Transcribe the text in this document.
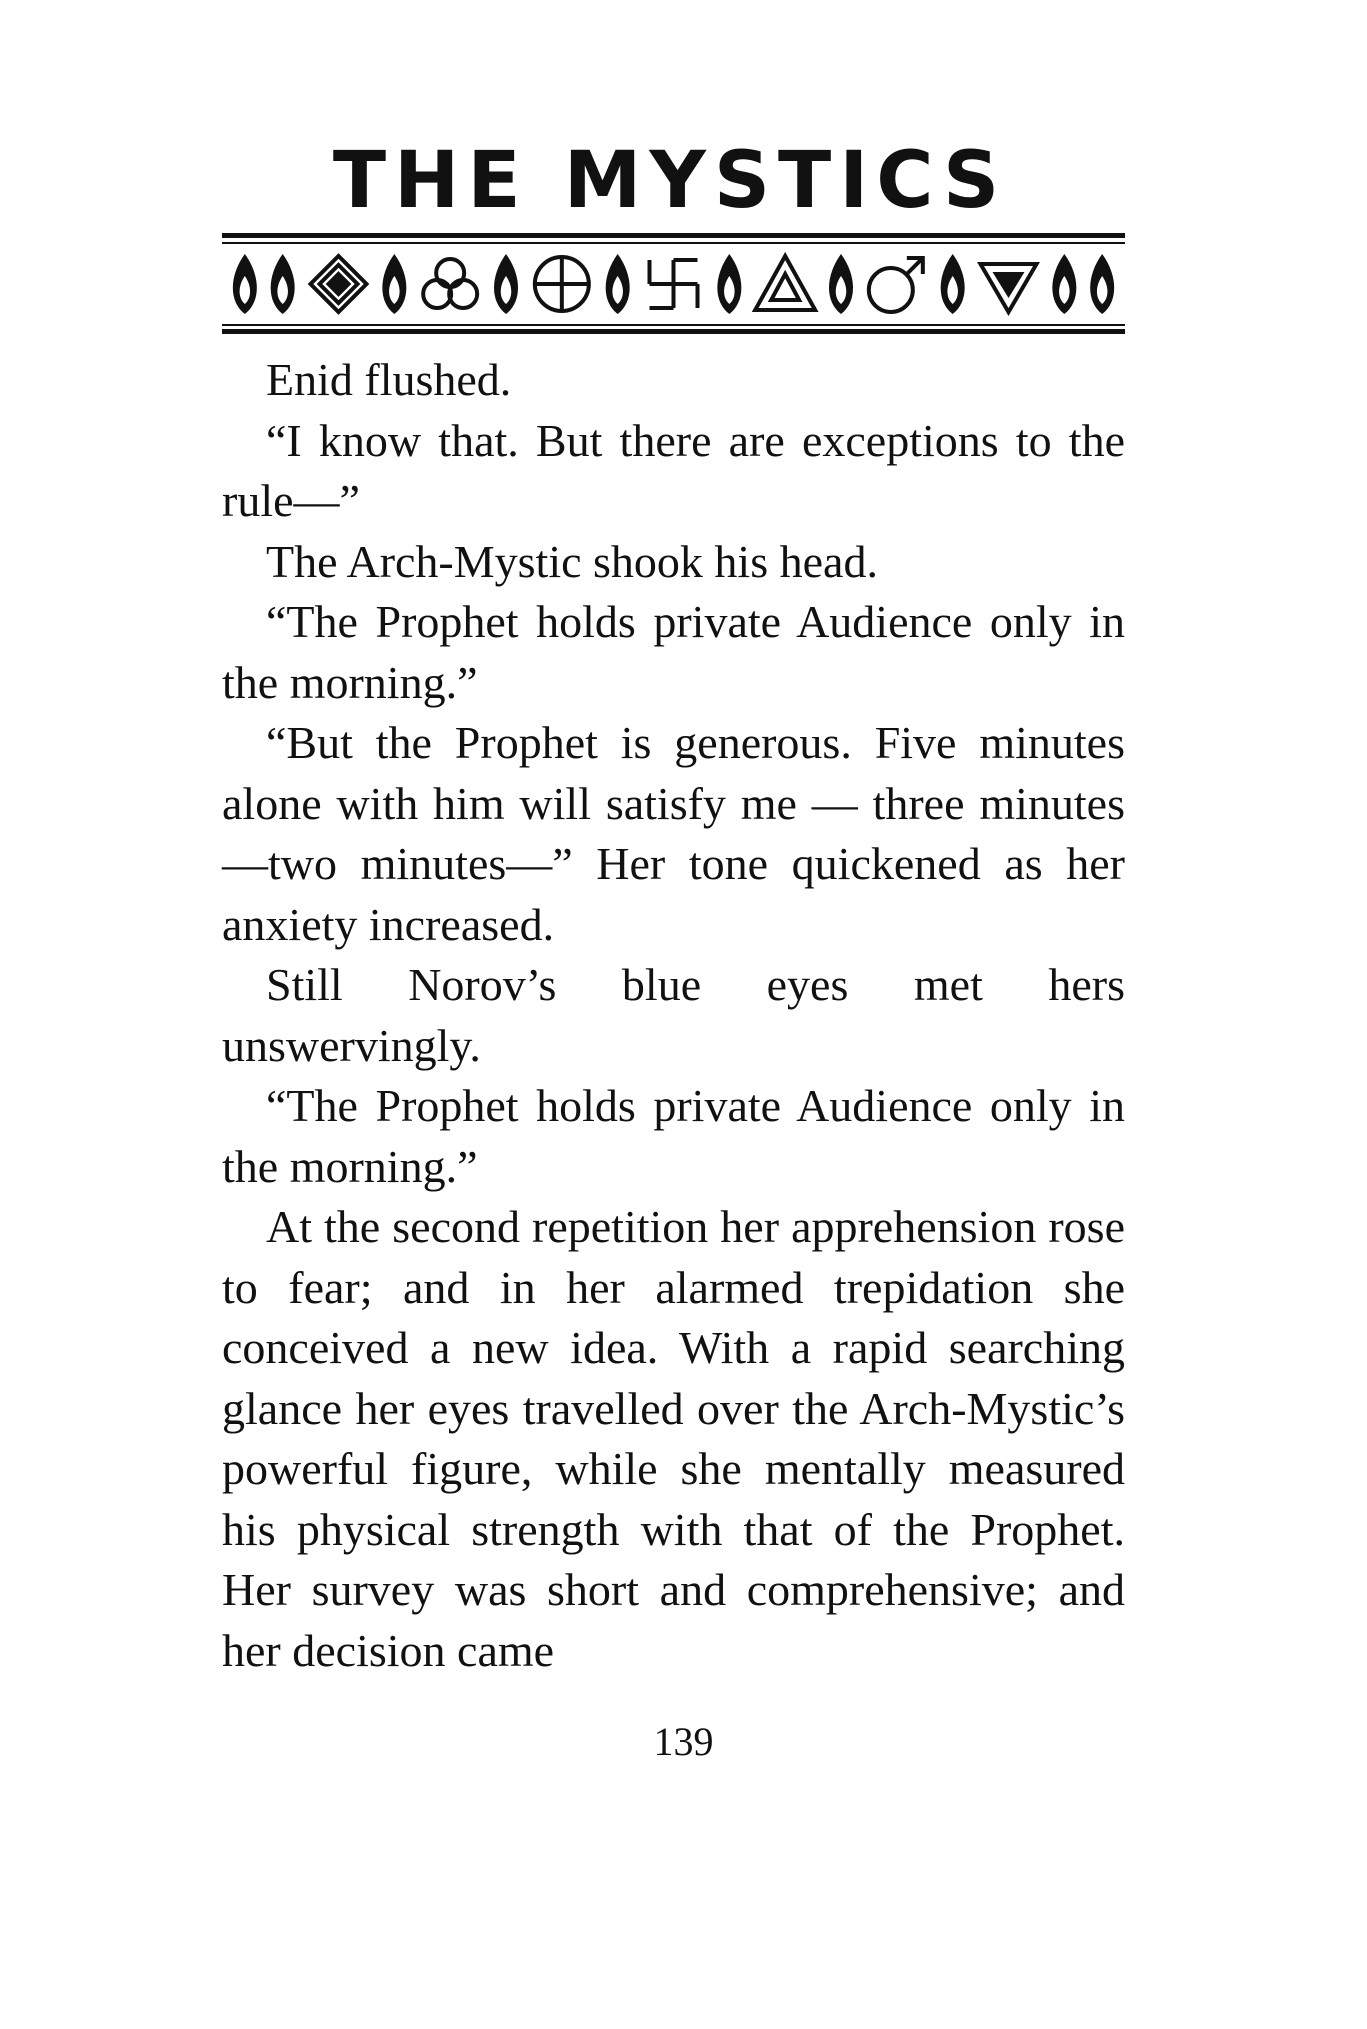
THE MYSTICS

Enid flushed.

“I know that. But there are exceptions to the rule—”

The Arch-Mystic shook his head.

“The Prophet holds private Audience only in the morning.”

“But the Prophet is generous. Five minutes alone with him will satisfy me — three minutes—two minutes—” Her tone quickened as her anxiety increased.

Still Norov’s blue eyes met hers unswervingly.

“The Prophet holds private Audience only in the morning.”

At the second repetition her apprehension rose to fear; and in her alarmed trepidation she conceived a new idea. With a rapid searching glance her eyes travelled over the Arch-Mystic’s powerful figure, while she mentally measured his physical strength with that of the Prophet. Her survey was short and comprehensive; and her decision came

139
